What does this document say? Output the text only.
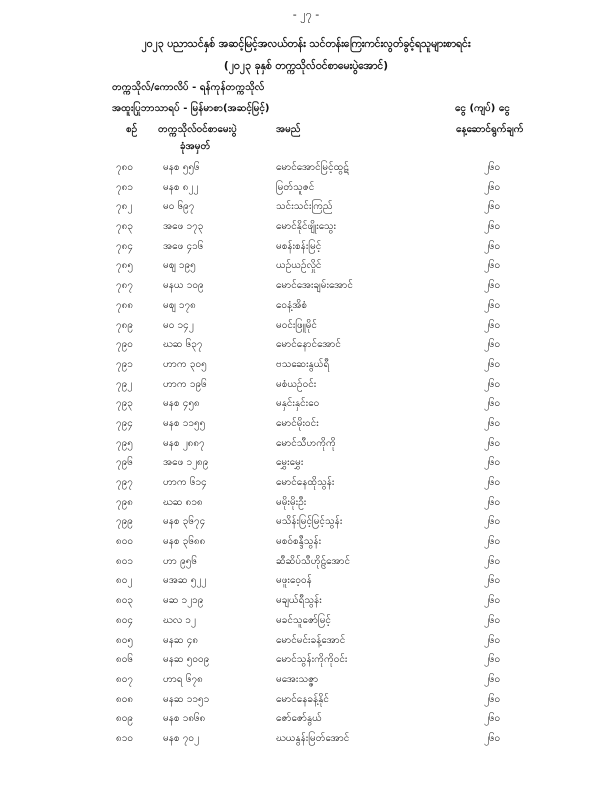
- ၂၇ -
၂၀၂၃ ပညာသင်နှစ် အဆင့်မြင့်အလယ်တန်း သင်တန်းကြေးကင်းလွတ်ခွင့်ရသူများစာရင်း
(၂၀၂၃ ခုနှစ် တက္ကသိုလ်ဝင်စာမေးပွဲအောင်)
တက္ကသိုလ်/ကောလိပ် - ရန်ကုန်တက္ကသိုလ်
အထူးပြုဘာသာရပ် - မြန်မာစာ(အဆင့်မြင့်)	ငွေ (ကျပ်) ငွေ
စဉ် တက္ကသိုလ်ဝင်စာမေးပွဲ
ခုံအမှတ်
အမည်	နေ့ဆောင်ရွက်ချက်
၇၈၀	မနစ ၅၅၆	မောင်အောင်မြင့်ထွဋ်	၂၆၀
၇၈၁	မနစ ၈၂၂	မြတ်သူဇင်	၂၆၀
၇၈၂	မဝ ၆၉၇	သင်းသင်းကြည်	၂၆၀
၇၈၃	အဖေ ၁၇၃	မောင်နိုင်ဖျိုးသွေး	၂၆၀
၇၈၄	အဖေ ၄၁၆	မစန်းစန်းမြင့်	၂၆၀
၇၈၅	မဈ ၁၉၅	ယဉ်ယဉ်လှိုင်	၂၆၀
၇၈၇	မနယ ၁၀၉	မောင်အေးချမ်းအောင်	၂၆၀
၇၈၈	မဈ ၁၇၈	ဝေနံ့အိစံ	၂၆၀
၇၈၉	မဝ ၁၄၂	မဝင်းဖြူမိုင်	၂၆၀
၇၉၀	ဃဆ ၆၃၇	မောင်နောင်အောင်	၂၆၀
၇၉၁	ဟာက ၃၀၅	ဗသဆေးနွယ်ရီ	၂၆၀
၇၉၂	ဟာက ၁၉၆	မစံယဉ်ဝင်း	၂၆၀
၇၉၃	မနစ ၄၅၈	မနှင်းနှင်းဝေ	၂၆၀
၇၉၄	မနစ ၁၁၅၅	မောင်မိုးဝင်း	၂၆၀
၇၉၅	မနစ ၂၈၈၇	မောင်သီဟကိုကို	၂၆၀
၇၉၆	အဖေ ၁၂၈၉	မွှေးမွှေး	၂၆၀
၇၉၇	ဟာက ၆၁၄	မောင်နေထိုသွန်း	၂၆၀
၇၉၈	ဃဆ ၈၁၈	မမိုးမိုးဦး	၂၆၀
၇၉၉	မနစ ၃၆၇၄	မသိန်းမြင့်မြင့်သွန်း	၂၆၀
၈၀၀	မနစ ၃၆၈၈	မစဝ်စန္ဒီသွန်း	၂၆၀
၈၀၁	ဟာ ၉၅၆	ဆီဆိပ်သီဟိုဠ်အောင်	၂၆၀
၈၀၂	မအဆ ၅၂၂	မဖူးဝေ့ဝန်	၂၆၀
၈၀၃	မဆ ၁၂၁၉	မချယ်ရီသွန်း	၂၆၀
၈၀၄	ဃလ ၁၂	မခင်သူဇော်မြင့်	၂၆၀
၈၀၅	မနဆ ၄၈	မောင်မင်းခန့်အောင်	၂၆၀
၈၀၆	မနဆ ၅၀၀၉	မောင်သွန်းကိုကိုဝင်း	၂၆၀
၈၀၇	ဟာရ ၆၇၈	မအေးသဇ္ဇာ	၂၆၀
၈၀၈	မနဆ ၁၁၅၁	မောင်နေခန့်နိုင်	၂၆၀
၈၀၉	မနစ ၁၈၆၈	ဇော်ဇော်နွယ်	၂၆၀
၈၁၀	မနစ ၇၀၂	ဃယနွန်းမြတ်အောင်	၂၆၀
